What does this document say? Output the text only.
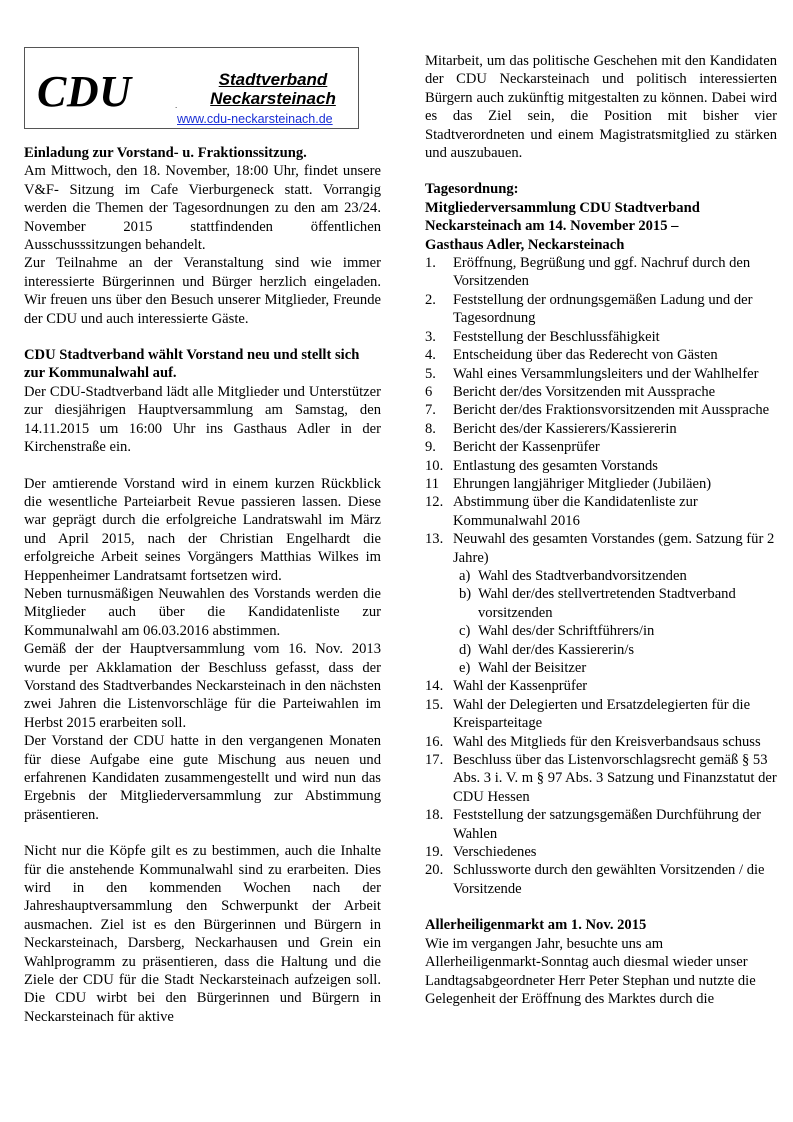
CDU	Stadtverband
Neckarsteinach
.
www.cdu-neckarsteinach.de

Einladung zur Vorstand- u. Fraktionssitzung.

Am Mittwoch, den 18. November, 18:00 Uhr, findet unsere V&F- Sitzung im Cafe Vierburgeneck statt. Vorrangig werden die Themen der Tagesordnungen zu den am 23/24. November 2015 stattfindenden öffentlichen Ausschusssitzungen behandelt.

Zur Teilnahme an der Veranstaltung sind wie immer interessierte Bürgerinnen und Bürger herzlich eingeladen. Wir freuen uns über den Besuch unserer Mitglieder, Freunde der CDU und auch interessierte Gäste.

CDU Stadtverband wählt Vorstand neu und stellt sich zur Kommunalwahl auf.

Der CDU-Stadtverband lädt alle Mitglieder und Unterstützer zur diesjährigen Hauptversammlung am Samstag, den 14.11.2015 um 16:00 Uhr ins Gasthaus Adler in der Kirchenstraße ein.

Der amtierende Vorstand wird in einem kurzen Rückblick die wesentliche Parteiarbeit Revue passieren lassen. Diese war geprägt durch die erfolgreiche Landratswahl im März und April 2015, nach der Christian Engelhardt die erfolgreiche Arbeit seines Vorgängers Matthias Wilkes im Heppenheimer Landratsamt fortsetzen wird.

Neben turnusmäßigen Neuwahlen des Vorstands werden die Mitglieder auch über die Kandidatenliste zur Kommunalwahl am 06.03.2016 abstimmen.

Gemäß der der Hauptversammlung vom 16. Nov. 2013 wurde per Akklamation der Beschluss gefasst, dass der Vorstand des Stadtverbandes Neckarsteinach in den nächsten zwei Jahren die Listenvorschläge für die Parteiwahlen im Herbst 2015 erarbeiten soll.

Der Vorstand der CDU hatte in den vergangenen Monaten für diese Aufgabe eine gute Mischung aus neuen und erfahrenen Kandidaten zusammengestellt und wird nun das Ergebnis der Mitgliederversammlung zur Abstimmung präsentieren.

Nicht nur die Köpfe gilt es zu bestimmen, auch die Inhalte für die anstehende Kommunalwahl sind zu erarbeiten. Dies wird in den kommenden Wochen nach der Jahreshauptversammlung den Schwerpunkt der Arbeit ausmachen. Ziel ist es den Bürgerinnen und Bürgern in Neckarsteinach, Darsberg, Neckarhausen und Grein ein Wahlprogramm zu präsentieren, dass die Haltung und die Ziele der CDU für die Stadt Neckarsteinach aufzeigen soll. Die CDU wirbt bei den Bürgerinnen und Bürgern in Neckarsteinach für aktive

Mitarbeit, um das politische Geschehen mit den Kandidaten der CDU Neckarsteinach und politisch interessierten Bürgern auch zukünftig mitgestalten zu können. Dabei wird es das Ziel sein, die Position mit bisher vier Stadtverordneten und einem Magistratsmitglied zu stärken und auszubauen.

Tagesordnung:

Mitgliederversammlung CDU Stadtverband

Neckarsteinach am 14. November 2015 –

Gasthaus Adler, Neckarsteinach

1.	Eröffnung, Begrüßung und ggf. Nachruf durch den Vorsitzenden
2.	Feststellung der ordnungsgemäßen Ladung und der Tagesordnung
3.	Feststellung der Beschlussfähigkeit
4.	Entscheidung über das Rederecht von Gästen
5.	Wahl eines Versammlungsleiters und der Wahlhelfer
6	Bericht der/des Vorsitzenden mit Aussprache
7.	Bericht der/des Fraktionsvorsitzenden mit Aussprache
8.	Bericht des/der Kassierers/Kassiererin
9.	Bericht der Kassenprüfer
10. Entlastung des gesamten Vorstands
11 Ehrungen langjähriger Mitglieder (Jubiläen)
12. Abstimmung über die Kandidatenliste zur Kommunalwahl 2016
13. Neuwahl des gesamten Vorstandes (gem. Satzung für 2 Jahre)
a) Wahl des Stadtverbandvorsitzenden
b) Wahl der/des stellvertretenden Stadtverband vorsitzenden
c) Wahl des/der Schriftführers/in
d) Wahl der/des Kassiererin/s
e) Wahl der Beisitzer
14. Wahl der Kassenprüfer
15. Wahl der Delegierten und Ersatzdelegierten für die Kreisparteitage
16. Wahl des Mitglieds für den Kreisverbandsaus schuss
17. Beschluss über das Listenvorschlagsrecht gemäß § 53 Abs. 3 i. V. m § 97 Abs. 3 Satzung und Finanzstatut der CDU Hessen
18. Feststellung der satzungsgemäßen Durchführung der Wahlen
19. Verschiedenes
20. Schlussworte durch den gewählten Vorsitzenden / die Vorsitzende

Allerheiligenmarkt am 1. Nov. 2015

Wie im vergangen Jahr, besuchte uns am Allerheiligenmarkt-Sonntag auch diesmal wieder unser Landtagsabgeordneter Herr Peter Stephan und nutzte die Gelegenheit der Eröffnung des Marktes durch die
